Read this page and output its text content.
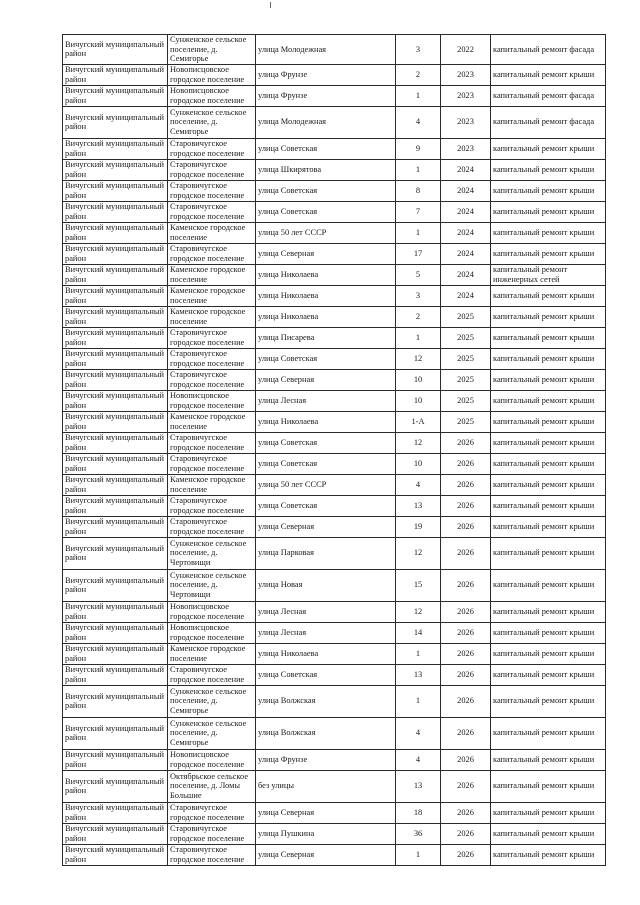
Вичугский муниципальный район	Сунженское сельское поселение, д. Семигорье	улица Молодежная	3	2022	капитальный ремонт фасада
Вичугский муниципальный район	Новописцовское городское поселение	улица Фрунзе	2	2023	капитальный ремонт крыши
Вичугский муниципальный район	Новописцовское городское поселение	улица Фрунзе	1	2023	капитальный ремонт фасада
Вичугский муниципальный район	Сунженское сельское поселение, д. Семигорье	улица Молодежная	4	2023	капитальный ремонт фасада
Вичугский муниципальный район	Старовичугское городское поселение	улица Советская	9	2023	капитальный ремонт крыши
Вичугский муниципальный район	Старовичугское городское поселение	улица Шкирятова	1	2024	капитальный ремонт крыши
Вичугский муниципальный район	Старовичугское городское поселение	улица Советская	8	2024	капитальный ремонт крыши
Вичугский муниципальный район	Старовичугское городское поселение	улица Советская	7	2024	капитальный ремонт крыши
Вичугский муниципальный район	Каменское городское поселение	улица 50 лет СССР	1	2024	капитальный ремонт крыши
Вичугский муниципальный район	Старовичугское городское поселение	улица Северная	17	2024	капитальный ремонт крыши
Вичугский муниципальный район	Каменское городское поселение	улица Николаева	5	2024	капитальный ремонт инженерных сетей
Вичугский муниципальный район	Каменское городское поселение	улица Николаева	3	2024	капитальный ремонт крыши
Вичугский муниципальный район	Каменское городское поселение	улица Николаева	2	2025	капитальный ремонт крыши
Вичугский муниципальный район	Старовичугское городское поселение	улица Писарева	1	2025	капитальный ремонт крыши
Вичугский муниципальный район	Старовичугское городское поселение	улица Советская	12	2025	капитальный ремонт крыши
Вичугский муниципальный район	Старовичугское городское поселение	улица Северная	10	2025	капитальный ремонт крыши
Вичугский муниципальный район	Новописцовское городское поселение	улица Лесная	10	2025	капитальный ремонт крыши
Вичугский муниципальный район	Каменское городское поселение	улица Николаева	1-А	2025	капитальный ремонт крыши
Вичугский муниципальный район	Старовичугское городское поселение	улица Советская	12	2026	капитальный ремонт крыши
Вичугский муниципальный район	Старовичугское городское поселение	улица Советская	10	2026	капитальный ремонт крыши
Вичугский муниципальный район	Каменское городское поселение	улица 50 лет СССР	4	2026	капитальный ремонт крыши
Вичугский муниципальный район	Старовичугское городское поселение	улица Советская	13	2026	капитальный ремонт крыши
Вичугский муниципальный район	Старовичугское городское поселение	улица Северная	19	2026	капитальный ремонт крыши
Вичугский муниципальный район	Сунженское сельское поселение, д. Чертовищи	улица Парковая	12	2026	капитальный ремонт крыши
Вичугский муниципальный район	Сунженское сельское поселение, д. Чертовищи	улица Новая	15	2026	капитальный ремонт крыши
Вичугский муниципальный район	Новописцовское городское поселение	улица Лесная	12	2026	капитальный ремонт крыши
Вичугский муниципальный район	Новописцовское городское поселение	улица Лесная	14	2026	капитальный ремонт крыши
Вичугский муниципальный район	Каменское городское поселение	улица Николаева	1	2026	капитальный ремонт крыши
Вичугский муниципальный район	Старовичугское городское поселение	улица Советская	13	2026	капитальный ремонт крыши
Вичугский муниципальный район	Сунженское сельское поселение, д. Семигорье	улица Волжская	1	2026	капитальный ремонт крыши
Вичугский муниципальный район	Сунженское сельское поселение, д. Семигорье	улица Волжская	4	2026	капитальный ремонт крыши
Вичугский муниципальный район	Новописцовское городское поселение	улица Фрунзе	4	2026	капитальный ремонт крыши
Вичугский муниципальный район	Октябрьское сельское поселение, д. Ломы Большие	без улицы	13	2026	капитальный ремонт крыши
Вичугский муниципальный район	Старовичугское городское поселение	улица Северная	18	2026	капитальный ремонт крыши
Вичугский муниципальный район	Старовичугское городское поселение	улица Пушкина	36	2026	капитальный ремонт крыши
Вичугский муниципальный район	Старовичугское городское поселение	улица Северная	1	2026	капитальный ремонт крыши
